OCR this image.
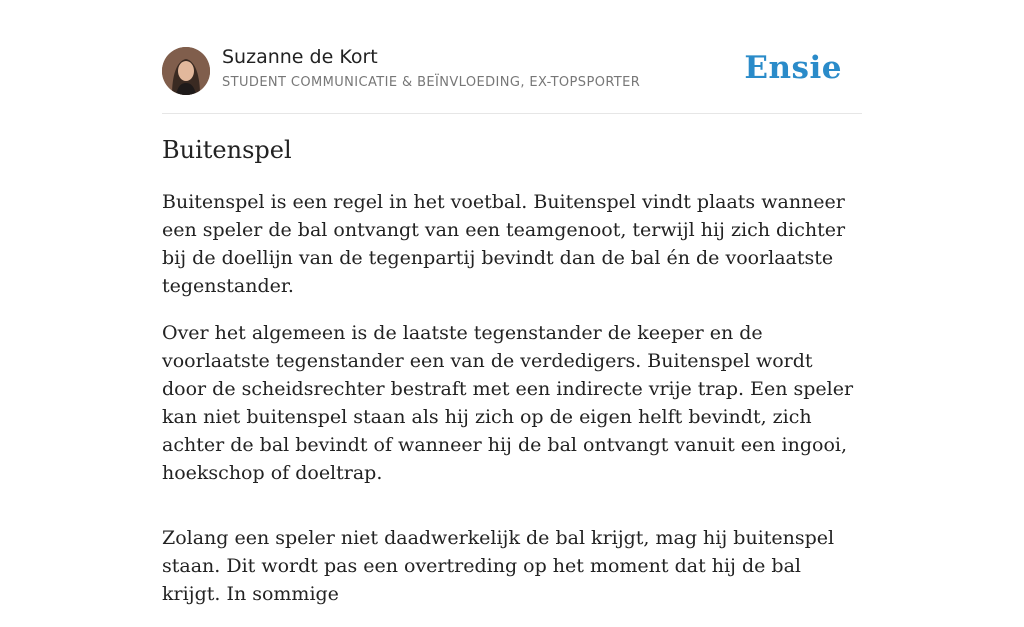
Suzanne de Kort
STUDENT COMMUNICATIE & BEÏNVLOEDING, EX-TOPSPORTER	Ensie
Buitenspel

Buitenspel is een regel in het voetbal. Buitenspel vindt plaats wanneer een speler de bal ontvangt van een teamgenoot, terwijl hij zich dichter bij de doellijn van de tegenpartij bevindt dan de bal én de voorlaatste tegenstander.

Over het algemeen is de laatste tegenstander de keeper en de voorlaatste tegenstander een van de verdedigers. Buitenspel wordt door de scheidsrechter bestraft met een indirecte vrije trap. Een speler kan niet buitenspel staan als hij zich op de eigen helft bevindt, zich achter de bal bevindt of wanneer hij de bal ontvangt vanuit een ingooi, hoekschop of doeltrap.

Zolang een speler niet daadwerkelijk de bal krijgt, mag hij buitenspel staan. Dit wordt pas een overtreding op het moment dat hij de bal krijgt. In sommige
